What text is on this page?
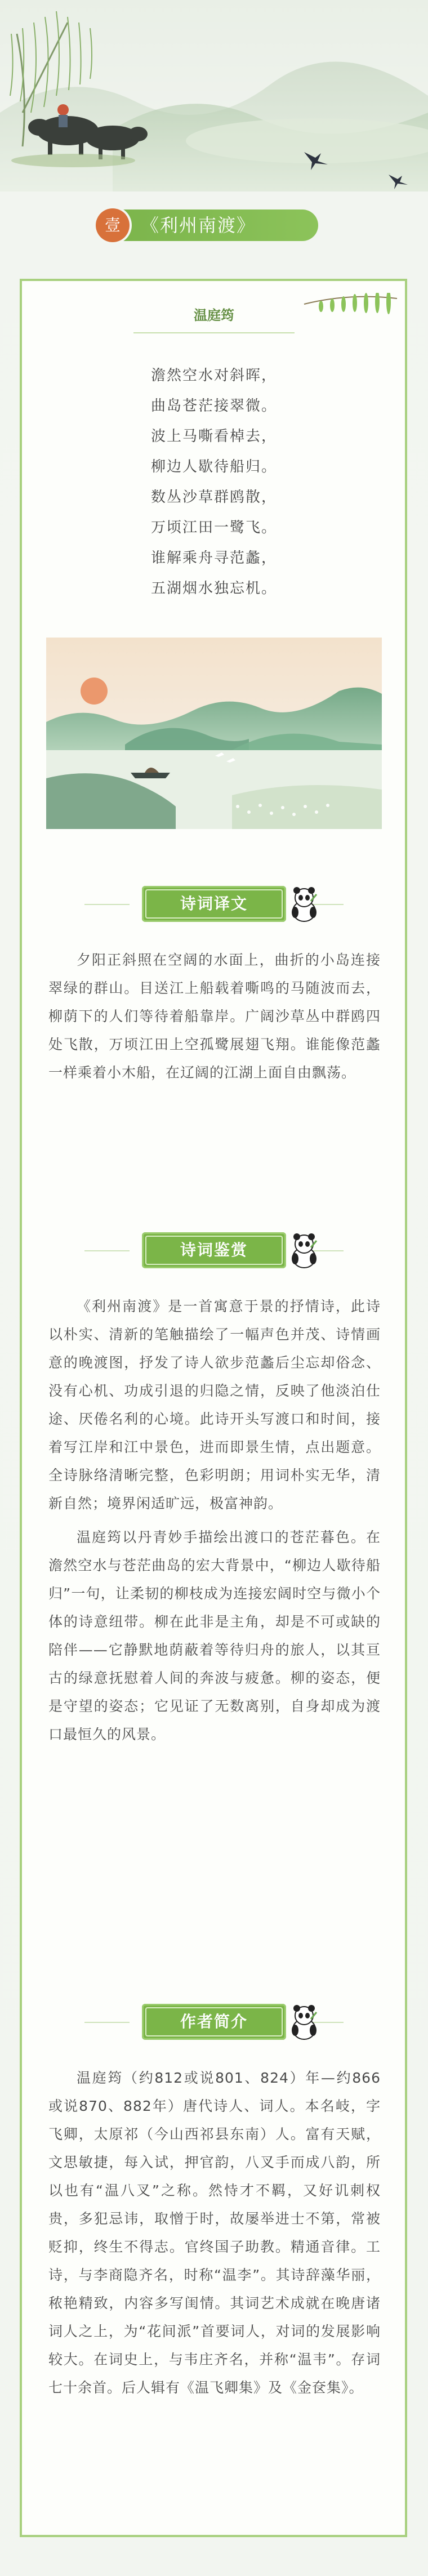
壹	《利州南渡》
温庭筠
澹然空水对斜晖，
曲岛苍茫接翠微。
波上马嘶看棹去，
柳边人歇待船归。
数丛沙草群鸥散，
万顷江田一鹭飞。
谁解乘舟寻范蠡，
五湖烟水独忘机。
诗词译文

夕阳正斜照在空阔的水面上，曲折的小岛连接翠绿的群山。目送江上船载着嘶鸣的马随波而去，柳荫下的人们等待着船靠岸。广阔沙草丛中群鸥四处飞散，万顷江田上空孤鹭展翅飞翔。谁能像范蠡一样乘着小木船，在辽阔的江湖上面自由飘荡。

诗词鉴赏

《利州南渡》是一首寓意于景的抒情诗，此诗以朴实、清新的笔触描绘了一幅声色并茂、诗情画意的晚渡图，抒发了诗人欲步范蠡后尘忘却俗念、没有心机、功成引退的归隐之情，反映了他淡泊仕途、厌倦名利的心境。此诗开头写渡口和时间，接着写江岸和江中景色，进而即景生情，点出题意。全诗脉络清晰完整，色彩明朗；用词朴实无华，清新自然；境界闲适旷远，极富神韵。

温庭筠以丹青妙手描绘出渡口的苍茫暮色。在澹然空水与苍茫曲岛的宏大背景中，“柳边人歇待船归”一句，让柔韧的柳枝成为连接宏阔时空与微小个体的诗意纽带。柳在此非是主角，却是不可或缺的陪伴——它静默地荫蔽着等待归舟的旅人，以其亘古的绿意抚慰着人间的奔波与疲惫。柳的姿态，便是守望的姿态；它见证了无数离别，自身却成为渡口最恒久的风景。

作者简介

温庭筠（约812或说801、824）年—约866或说870、882年）唐代诗人、词人。本名岐，字飞卿，太原祁（今山西祁县东南）人。富有天赋，文思敏捷，每入试，押官韵，八叉手而成八韵，所以也有“温八叉”之称。然恃才不羁，又好讥刺权贵，多犯忌讳，取憎于时，故屡举进士不第，常被贬抑，终生不得志。官终国子助教。精通音律。工诗，与李商隐齐名，时称“温李”。其诗辞藻华丽，秾艳精致，内容多写闺情。其词艺术成就在晚唐诸词人之上，为“花间派”首要词人，对词的发展影响较大。在词史上，与韦庄齐名，并称“温韦”。存词七十余首。后人辑有《温飞卿集》及《金奁集》。
